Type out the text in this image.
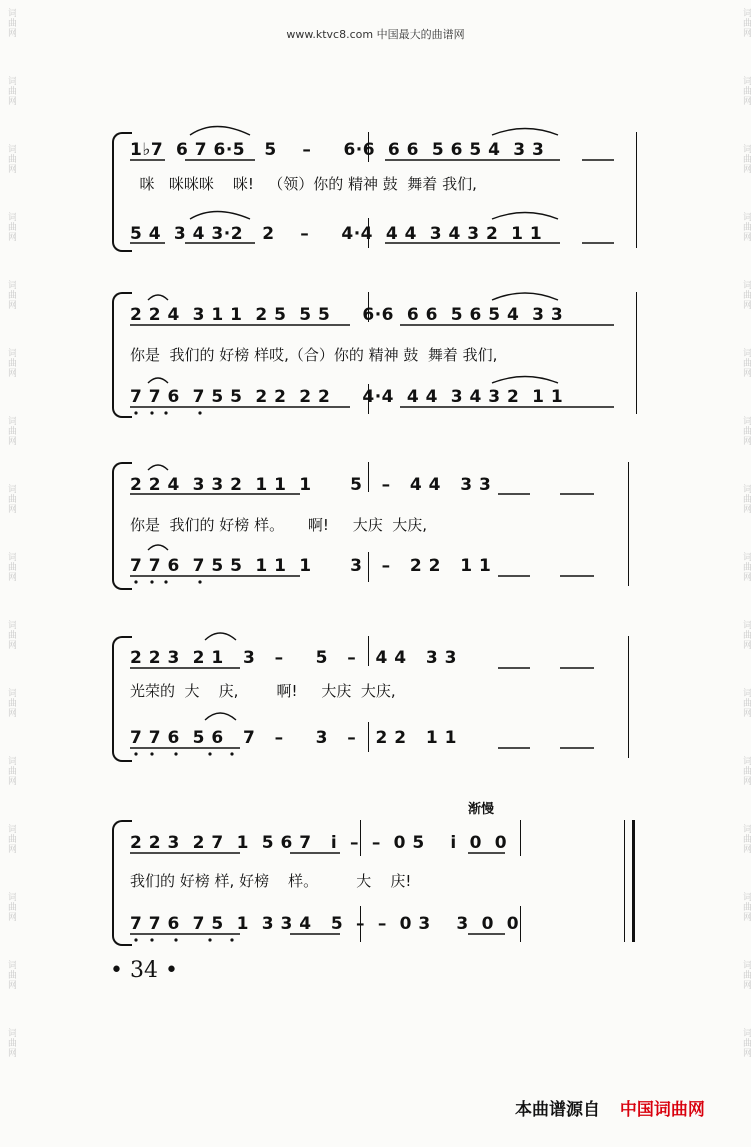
词曲网
词曲网
词曲网
词曲网
词曲网
词曲网
词曲网
词曲网
词曲网
词曲网
词曲网
词曲网
词曲网
词曲网
词曲网
词曲网
词曲网
词曲网
词曲网
词曲网
词曲网
词曲网
词曲网
词曲网
词曲网
词曲网
词曲网
词曲网
词曲网
词曲网
词曲网
词曲网
www.ktvc8.com 中国最大的曲谱网
1♭7  6 7 6·5   5    –     6·6  6 6  5 6 5 4  3 3
咪   咪咪咪    咪!   （领）你的 精神 鼓  舞着 我们,
5 4  3 4 3·2   2    –     4·4  4 4  3 4 3 2  1 1
2 2 4  3 1 1  2 5  5 5     6·6  6 6  5 6 5 4  3 3
你是  我们的 好榜 样哎,（合）你的 精神 鼓  舞着 我们,
7 7 6  7 5 5  2 2  2 2     4·4  4 4  3 4 3 2  1 1
2 2 4  3 3 2  1 1  1      5   –   4 4   3 3
你是  我们的 好榜 样。     啊!     大庆  大庆,
7 7 6  7 5 5  1 1  1      3   –   2 2   1 1
2 2 3  2 1   3   –     5   –   4 4   3 3
光荣的  大    庆,        啊!     大庆  大庆,
7 7 6  5 6   7   –     3   –   2 2   1 1
渐慢
2 2 3  2 7  1  5 6 7   i  –  –  0 5    i  0  0
我们的 好榜 样, 好榜    样。        大    庆!
7 7 6  7 5  1  3 3 4   5  –  –  0 3    3  0  0
• 34 •
本曲谱源自 中国词曲网
